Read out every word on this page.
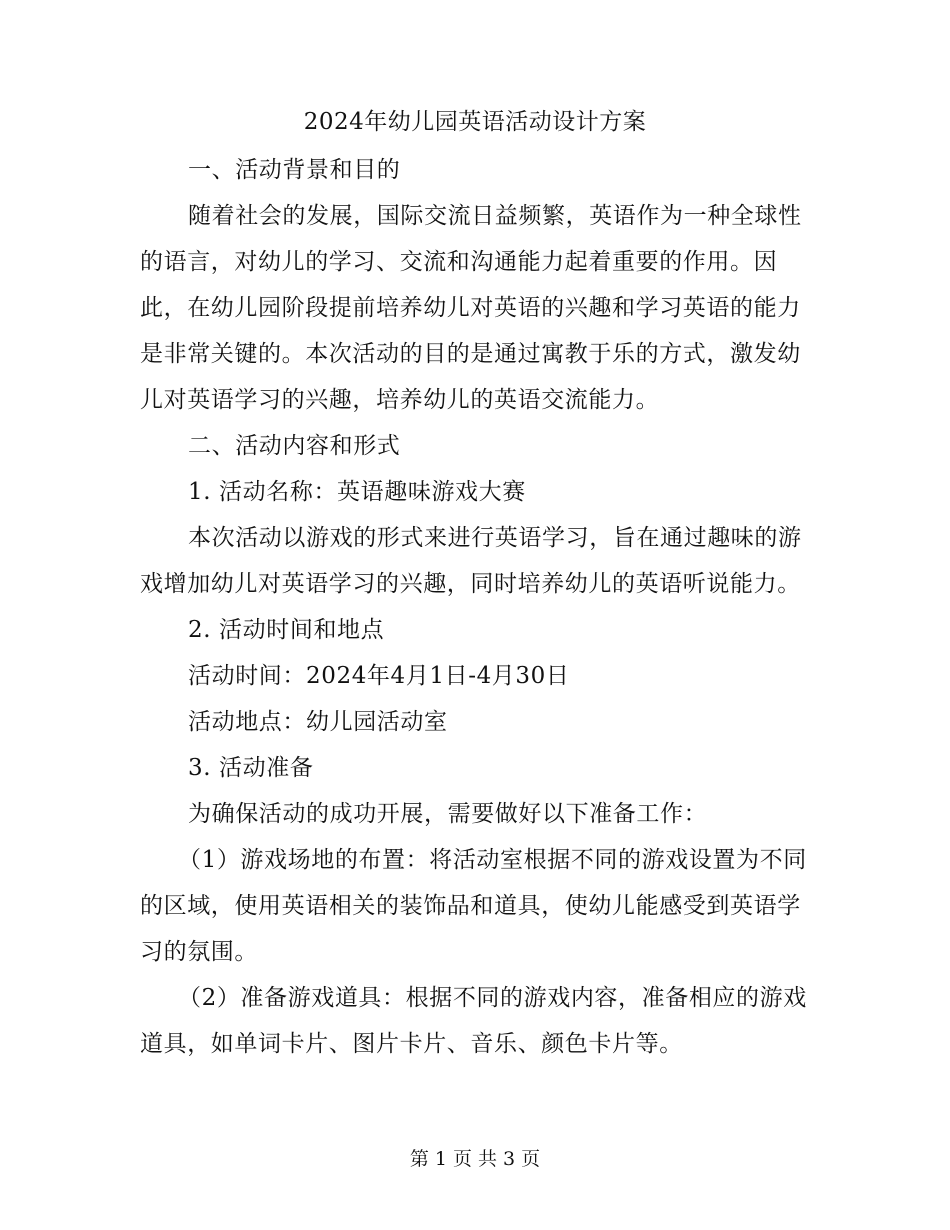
2024年幼儿园英语活动设计方案
一、活动背景和目的
随着社会的发展，国际交流日益频繁，英语作为一种全球性
的语言，对幼儿的学习、交流和沟通能力起着重要的作用。因
此，在幼儿园阶段提前培养幼儿对英语的兴趣和学习英语的能力
是非常关键的。本次活动的目的是通过寓教于乐的方式，激发幼
儿对英语学习的兴趣，培养幼儿的英语交流能力。
二、活动内容和形式
1. 活动名称：英语趣味游戏大赛
本次活动以游戏的形式来进行英语学习，旨在通过趣味的游
戏增加幼儿对英语学习的兴趣，同时培养幼儿的英语听说能力。
2. 活动时间和地点
活动时间：2024年4月1日-4月30日
活动地点：幼儿园活动室
3. 活动准备
为确保活动的成功开展，需要做好以下准备工作：
（1）游戏场地的布置：将活动室根据不同的游戏设置为不同
的区域，使用英语相关的装饰品和道具，使幼儿能感受到英语学
习的氛围。
（2）准备游戏道具：根据不同的游戏内容，准备相应的游戏
道具，如单词卡片、图片卡片、音乐、颜色卡片等。
第 1 页 共 3 页
